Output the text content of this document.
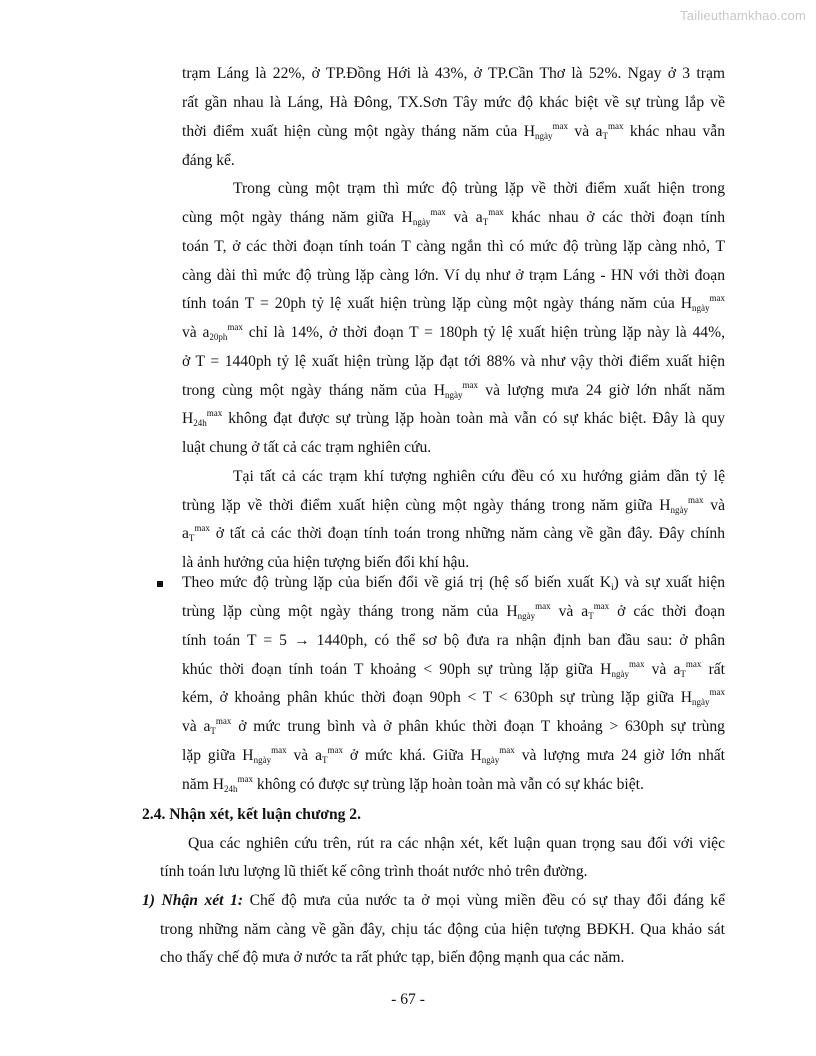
Tailieuthamkhao.com
trạm Láng là 22%, ở TP.Đồng Hới là 43%, ở TP.Cần Thơ là 52%. Ngay ở 3 trạm
rất gần nhau là Láng, Hà Đông, TX.Sơn Tây mức độ khác biệt về sự trùng lắp về
thời điểm xuất hiện cùng một ngày tháng năm của $H_{ngày}^{max}$ và $a_T^{max}$ khác nhau vẫn
đáng kể.
Trong cùng một trạm thì mức độ trùng lặp về thời điểm xuất hiện trong
cùng một ngày tháng năm giữa $H_{ngày}^{max}$ và $a_T^{max}$ khác nhau ở các thời đoạn tính
toán T, ở các thời đoạn tính toán T càng ngắn thì có mức độ trùng lặp càng nhỏ, T
càng dài thì mức độ trùng lặp càng lớn. Ví dụ như ở trạm Láng - HN với thời đoạn
tính toán T = 20ph tỷ lệ xuất hiện trùng lặp cùng một ngày tháng năm của $H_{ngày}^{max}$
và $a_{20ph}^{max}$ chỉ là 14%, ở thời đoạn T = 180ph tỷ lệ xuất hiện trùng lặp này là 44%,
ở T = 1440ph tỷ lệ xuất hiện trùng lặp đạt tới 88% và như vậy thời điểm xuất hiện
trong cùng một ngày tháng năm của $H_{ngày}^{max}$ và lượng mưa 24 giờ lớn nhất năm
$H_{24h}^{max}$ không đạt được sự trùng lặp hoàn toàn mà vẫn có sự khác biệt. Đây là quy
luật chung ở tất cả các trạm nghiên cứu.
Tại tất cả các trạm khí tượng nghiên cứu đều có xu hướng giảm dần tỷ lệ
trùng lặp về thời điểm xuất hiện cùng một ngày tháng trong năm giữa $H_{ngày}^{max}$ và
$a_T^{max}$ ở tất cả các thời đoạn tính toán trong những năm càng về gần đây. Đây chính
là ảnh hưởng của hiện tượng biến đổi khí hậu.
Theo mức độ trùng lặp của biến đổi về giá trị (hệ số biến xuất $K_i$) và sự xuất hiện
trùng lặp cùng một ngày tháng trong năm của $H_{ngày}^{max}$ và $a_T^{max}$ ở các thời đoạn
tính toán T = 5 → 1440ph, có thể sơ bộ đưa ra nhận định ban đầu sau: ở phân
khúc thời đoạn tính toán T khoảng < 90ph sự trùng lặp giữa $H_{ngày}^{max}$ và $a_T^{max}$ rất
kém, ở khoảng phân khúc thời đoạn 90ph < T < 630ph sự trùng lặp giữa $H_{ngày}^{max}$
và $a_T^{max}$ ở mức trung bình và ở phân khúc thời đoạn T khoảng > 630ph sự trùng
lặp giữa $H_{ngày}^{max}$ và $a_T^{max}$ ở mức khá. Giữa $H_{ngày}^{max}$ và lượng mưa 24 giờ lớn nhất
năm $H_{24h}^{max}$ không có được sự trùng lặp hoàn toàn mà vẫn có sự khác biệt.
2.4. Nhận xét, kết luận chương 2.
Qua các nghiên cứu trên, rút ra các nhận xét, kết luận quan trọng sau đối với việc
tính toán lưu lượng lũ thiết kế công trình thoát nước nhỏ trên đường.
1) Nhận xét 1: Chế độ mưa của nước ta ở mọi vùng miền đều có sự thay đổi đáng kể
trong những năm càng về gần đây, chịu tác động của hiện tượng BĐKH. Qua khảo sát
cho thấy chế độ mưa ở nước ta rất phức tạp, biến động mạnh qua các năm.
- 67 -
